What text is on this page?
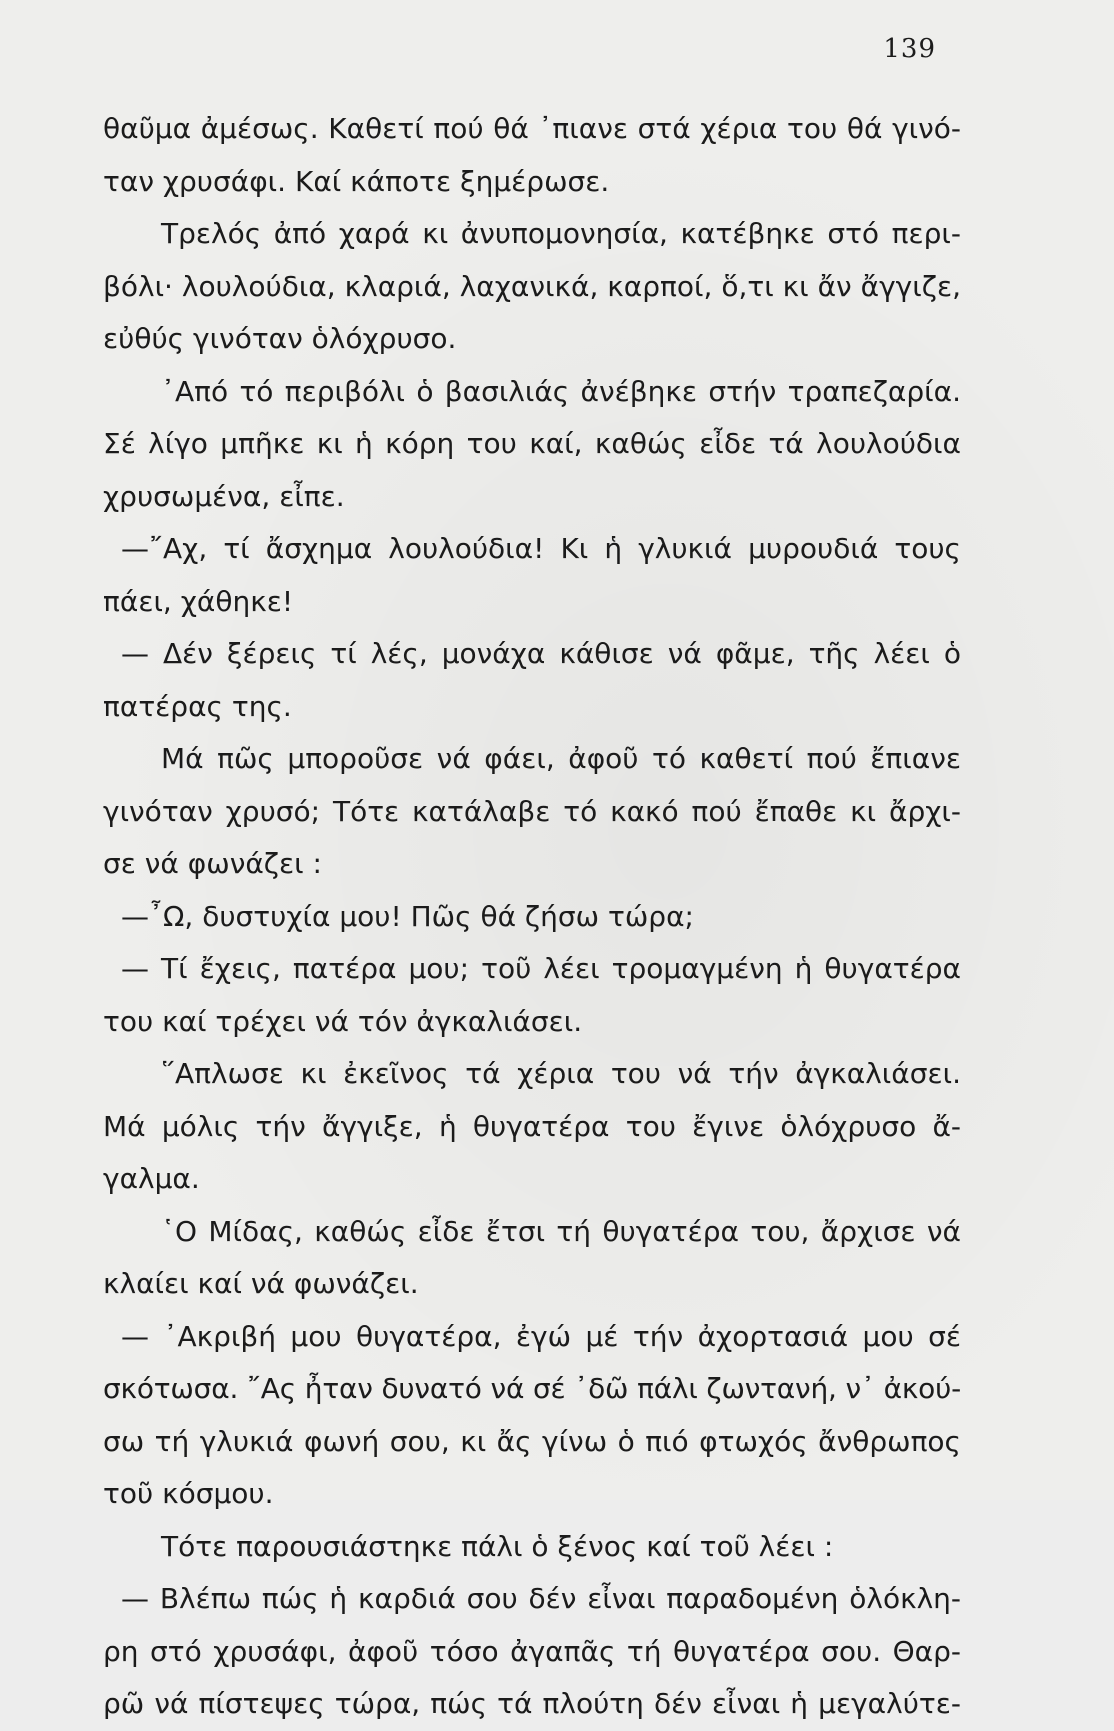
139
θαῦμα ἀμέσως. Καθετί πού θά ᾿πιανε στά χέρια του θά γινό-
ταν χρυσάφι. Καί κάποτε ξημέρωσε.
Τρελός ἀπό χαρά κι ἀνυπομονησία, κατέβηκε στό περι-
βόλι· λουλούδια, κλαριά, λαχανικά, καρποί, ὅ,τι κι ἄν ἄγγιζε,
εὐθύς γινόταν ὁλόχρυσο.
᾿Από τό περιβόλι ὁ βασιλιάς ἀνέβηκε στήν τραπεζαρία.
Σέ λίγο μπῆκε κι ἡ κόρη του καί, καθώς εἶδε τά λουλούδια
χρυσωμένα, εἶπε.
—῎Αχ, τί ἄσχημα λουλούδια! Κι ἡ γλυκιά μυρουδιά τους
πάει, χάθηκε!
— Δέν ξέρεις τί λές, μονάχα κάθισε νά φᾶμε, τῆς λέει ὁ
πατέρας της.
Μά πῶς μποροῦσε νά φάει, ἀφοῦ τό καθετί πού ἔπιανε
γινόταν χρυσό; Τότε κατάλαβε τό κακό πού ἔπαθε κι ἄρχι-
σε νά φωνάζει :
—῏Ω, δυστυχία μου! Πῶς θά ζήσω τώρα;
— Τί ἔχεις, πατέρα μου; τοῦ λέει τρομαγμένη ἡ θυγατέρα
του καί τρέχει νά τόν ἀγκαλιάσει.
῞Απλωσε κι ἐκεῖνος τά χέρια του νά τήν ἀγκαλιάσει.
Μά μόλις τήν ἄγγιξε, ἡ θυγατέρα του ἔγινε ὁλόχρυσο ἄ-
γαλμα.
῾Ο Μίδας, καθώς εἶδε ἔτσι τή θυγατέρα του, ἄρχισε νά
κλαίει καί νά φωνάζει.
— ᾿Ακριβή μου θυγατέρα, ἐγώ μέ τήν ἀχορτασιά μου σέ
σκότωσα. ῎Ας ἦταν δυνατό νά σέ ᾿δῶ πάλι ζωντανή, ν᾿ ἀκού-
σω τή γλυκιά φωνή σου, κι ἄς γίνω ὁ πιό φτωχός ἄνθρωπος
τοῦ κόσμου.
Τότε παρουσιάστηκε πάλι ὁ ξένος καί τοῦ λέει :
— Βλέπω πώς ἡ καρδιά σου δέν εἶναι παραδομένη ὁλόκλη-
ρη στό χρυσάφι, ἀφοῦ τόσο ἀγαπᾶς τή θυγατέρα σου. Θαρ-
ρῶ νά πίστεψες τώρα, πώς τά πλούτη δέν εἶναι ἡ μεγαλύτε-
